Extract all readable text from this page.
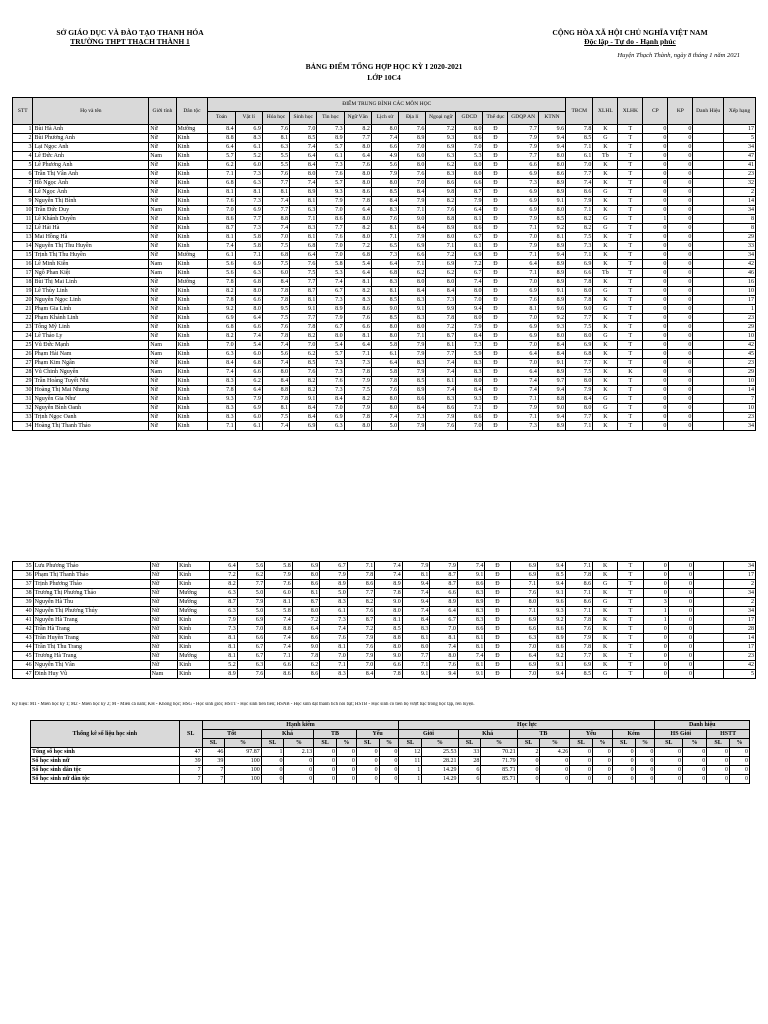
SỞ GIÁO DỤC VÀ ĐÀO TẠO THANH HÓA
TRƯỜNG THPT THẠCH THÀNH 1
CỘNG HÒA XÃ HỘI CHỦ NGHĨA VIỆT NAM
Độc lập - Tự do - Hạnh phúc
Huyện Thạch Thành, ngày 8 tháng 1 năm 2021
BẢNG ĐIỂM TỔNG HỢP HỌC KỲ I 2020-2021
LỚP 10C4
STT	Họ và tên	Giới tính	Dân tộc	ĐIỂM TRUNG BÌNH CÁC MÔN HỌC													TBCM	XLHL	XLHK	CP	KP	Danh Hiệu	Xếp hạng
				Toán	Vật lí	Hóa học	Sinh học	Tin học	Ngữ Văn	Lịch sử	Địa lí	Ngoại ngữ	GDCD	Thể dục	GDQP AN	KTNN							
1	Bùi Hà Anh	Nữ	Mường	8.4	6.9	7.6	7.0	7.3	8.2	8.0	7.6	7.2	8.0	Đ	7.7	9.6	7.8	K	T	0	0		17
2	Bùi Phương Anh	Nữ	Kinh	8.8	8.3	8.1	8.5	8.9	7.7	7.4	8.9	9.3	8.6	Đ	7.9	9.4	8.5	G	T	0	0		5
3	Lại Ngọc Anh	Nữ	Kinh	6.4	6.1	6.3	7.4	5.7	8.0	6.6	7.0	6.9	7.0	Đ	7.9	9.4	7.1	K	T	0	0		34
4	Lê Đức Anh	Nam	Kinh	5.7	5.2	5.5	6.4	6.1	6.4	4.9	6.0	6.3	5.3	Đ	7.7	8.0	6.1	Tb	T	0	0		47
5	Lê Phương Anh	Nữ	Kinh	6.2	6.0	5.5	8.4	7.3	7.6	5.6	8.0	6.2	8.0	Đ	6.6	8.0	7.0	K	T	0	0		41
6	Trần Thị Vân Anh	Nữ	Kinh	7.1	7.3	7.6	8.0	7.6	8.0	7.9	7.6	8.3	8.0	Đ	6.9	8.6	7.7	K	T	0	0		23
7	Hồ Ngọc Ánh	Nữ	Kinh	6.8	6.3	7.7	7.4	5.7	8.0	8.0	7.0	8.6	6.6	Đ	7.3	8.9	7.4	K	T	0	0		32
8	Lê Ngọc Ánh	Nữ	Kinh	8.1	8.1	8.1	8.9	9.3	8.6	8.5	8.4	9.8	8.7	Đ	6.9	8.9	8.6	G	T	0	0		2
9	Nguyễn Thị Bình	Nữ	Kinh	7.6	7.3	7.4	8.1	7.9	7.8	8.4	7.9	8.2	7.9	Đ	6.9	9.1	7.9	K	T	0	0		14
10	Trần Đức Duy	Nam	Kinh	7.0	6.9	7.7	6.3	7.0	6.4	8.3	7.1	7.6	6.4	Đ	6.9	8.0	7.1	K	T	0	0		34
11	Lê Khánh Duyên	Nữ	Kinh	8.6	7.7	8.8	7.1	8.6	8.0	7.6	9.0	8.8	8.1	Đ	7.9	8.5	8.2	G	T	1	0		8
12	Lê Hải Hà	Nữ	Kinh	8.7	7.3	7.4	8.3	7.7	8.2	8.1	8.4	8.9	8.6	Đ	7.1	9.2	8.2	G	T	0	0		8
13	Mai Hồng Hà	Nữ	Kinh	8.1	5.8	7.0	8.1	7.6	8.0	7.1	7.9	8.0	6.7	Đ	7.0	8.1	7.5	K	T	0	0		29
14	Nguyễn Thị Thu Huyền	Nữ	Kinh	7.4	5.8	7.5	6.8	7.0	7.2	6.5	6.9	7.1	8.1	Đ	7.9	8.9	7.3	K	T	0	0		33
15	Trịnh Thị Thu Huyền	Nữ	Mường	6.1	7.1	6.8	6.4	7.0	6.8	7.3	6.6	7.2	6.9	Đ	7.1	9.4	7.1	K	T	0	0		34
16	Lê Minh Kiên	Nam	Kinh	5.6	6.9	7.5	7.6	5.8	5.4	6.4	7.1	6.9	7.2	Đ	6.4	8.9	6.9	K	T	0	0		42
17	Ngô Phan Kiệt	Nam	Kinh	5.6	6.3	6.0	7.5	5.3	6.4	6.8	6.2	6.2	6.7	Đ	7.1	8.9	6.6	Tb	T	0	0		46
18	Bùi Thị Mai Linh	Nữ	Mường	7.8	6.8	8.4	7.7	7.4	8.1	8.3	8.0	8.0	7.4	Đ	7.0	8.9	7.8	K	T	0	0		16
19	Lê Thùy Linh	Nữ	Kinh	8.2	8.0	7.8	8.7	6.7	8.2	8.1	8.4	8.4	8.0	Đ	6.9	9.1	8.0	G	T	0	0		10
20	Nguyễn Ngọc Linh	Nữ	Kinh	7.8	6.6	7.8	8.1	7.3	8.3	8.5	8.3	7.3	7.0	Đ	7.6	8.9	7.8	K	T	0	0		17
21	Phạm Gia Linh	Nữ	Kinh	9.2	8.0	9.5	9.1	8.9	8.6	9.0	9.1	9.9	9.4	Đ	8.1	9.6	9.0	G	T	0	0		1
22	Phạm Khánh Linh	Nữ	Kinh	6.9	6.4	7.5	7.7	7.9	7.6	8.5	8.3	7.8	8.0	Đ	7.0	9.2	7.7	K	T	0	0		23
23	Tống Mỹ Linh	Nữ	Kinh	6.8	6.6	7.6	7.8	6.7	6.6	8.0	8.0	7.2	7.9	Đ	6.9	9.3	7.5	K	T	0	0		29
24	Lê Thảo Ly	Nữ	Kinh	8.2	7.4	7.8	8.2	8.0	8.1	8.0	7.1	8.7	8.4	Đ	6.9	8.0	8.0	G	T	0	0		10
25	Vũ Đức Mạnh	Nam	Kinh	7.0	5.4	7.4	7.0	5.4	6.4	5.8	7.9	8.1	7.3	Đ	7.0	8.4	6.9	K	T	0	0		42
26	Phạm Hải Nam	Nam	Kinh	6.3	6.0	5.6	6.2	5.7	7.1	6.1	7.9	7.7	5.9	Đ	6.4	8.4	6.8	K	T	0	0		45
27	Phạm Kim Ngân	Nữ	Kinh	8.4	6.8	7.4	8.5	7.3	7.3	6.4	8.3	7.4	8.3	Đ	7.0	9.1	7.7	K	T	0	0		23
28	Vũ Chinh Nguyên	Nam	Kinh	7.4	6.6	8.0	7.6	7.3	7.8	5.8	7.9	7.4	8.3	Đ	6.4	8.9	7.5	K	K	0	0		29
29	Trần Hoàng Tuyết Nhi	Nữ	Kinh	8.3	6.2	8.4	8.2	7.6	7.9	7.8	8.5	8.1	8.0	Đ	7.4	9.7	8.0	K	T	0	0		10
30	Hoàng Thị Mai Nhung	Nữ	Kinh	7.8	6.4	8.8	8.2	7.3	7.5	7.6	8.9	7.4	8.4	Đ	7.4	9.4	7.9	K	T	0	0		14
31	Nguyễn Gia Như	Nữ	Kinh	9.3	7.9	7.8	9.1	8.4	8.2	8.0	8.6	8.3	9.3	Đ	7.1	8.8	8.4	G	T	0	0		7
32	Nguyễn Bình Oanh	Nữ	Kinh	8.3	6.9	8.1	8.4	7.0	7.9	8.0	8.4	8.6	7.1	Đ	7.9	9.0	8.0	G	T	0	0		10
33	Trịnh Ngọc Oanh	Nữ	Kinh	8.3	6.0	7.5	8.4	6.9	7.8	7.4	7.3	7.9	8.6	Đ	7.1	9.4	7.7	K	T	0	0		23
34	Hoàng Thị Thanh Thảo	Nữ	Kinh	7.1	6.1	7.4	6.9	6.3	8.0	5.0	7.9	7.6	7.0	Đ	7.3	8.9	7.1	K	T	0	0		34
35	Lưu Phương Thảo	Nữ	Kinh	6.4	5.6	5.8	6.9	6.7	7.1	7.4	7.9	7.9	7.4	Đ	6.9	9.4	7.1	K	T	0	0		34
36	Phạm Thị Thanh Thảo	Nữ	Kinh	7.2	6.2	7.9	8.0	7.9	7.8	7.4	8.1	8.7	9.1	Đ	6.9	8.5	7.8	K	T	0	0		17
37	Trịnh Phương Thảo	Nữ	Kinh	8.2	7.7	7.6	8.6	8.9	8.6	8.9	9.4	8.7	8.6	Đ	7.1	9.4	8.6	G	T	0	0		2
38	Trương Thị Phương Thảo	Nữ	Mường	6.3	5.0	6.0	8.1	5.0	7.7	7.8	7.4	6.6	8.3	Đ	7.6	9.1	7.1	K	T	0	0		34
39	Nguyễn Hà Thu	Nữ	Mường	8.7	7.9	8.1	8.7	8.3	8.2	9.0	9.4	8.9	8.9	Đ	8.0	9.6	8.6	G	T	3	0		2
40	Nguyễn Thị Phương Thúy	Nữ	Mường	6.3	5.0	5.8	8.0	6.1	7.6	8.0	7.4	6.4	8.3	Đ	7.1	9.3	7.1	K	T	1	0		34
41	Nguyễn Hà Trang	Nữ	Kinh	7.9	6.9	7.4	7.2	7.3	8.7	8.1	8.4	6.7	8.3	Đ	6.9	9.2	7.8	K	T	1	0		17
42	Trần Hà Trang	Nữ	Kinh	7.3	7.0	8.8	6.4	7.4	7.2	8.5	8.3	7.0	8.6	Đ	6.6	8.6	7.6	K	T	0	0		28
43	Trần Huyền Trang	Nữ	Kinh	8.1	6.6	7.4	8.6	7.6	7.9	8.8	8.1	8.1	8.1	Đ	6.3	8.9	7.9	K	T	0	0		14
44	Trần Thị Thu Trang	Nữ	Kinh	8.1	6.7	7.4	9.0	8.1	7.6	8.0	8.0	7.4	8.1	Đ	7.0	8.6	7.8	K	T	0	0		17
45	Trương Hà Trang	Nữ	Mường	8.1	6.7	7.1	7.8	7.0	7.9	9.0	7.7	8.0	7.4	Đ	6.4	9.2	7.7	K	T	0	0		23
46	Nguyễn Thị Vân	Nữ	Kinh	5.2	6.3	6.6	6.2	7.1	7.0	6.6	7.1	7.6	8.1	Đ	6.9	9.1	6.9	K	T	0	0		42
47	Đinh Huy Vũ	Nam	Kinh	8.9	7.6	8.6	8.6	8.3	8.4	7.8	9.1	9.4	9.1	Đ	7.0	9.4	8.5	G	T	0	0		5
Ký hiệu: M1 - Miễn học kỳ 1; M2 - Miễn học kỳ 2; M - Miễn cả năm; KH - Không học; HSG - Học sinh giỏi; HSTT - Học sinh tiên tiến; HSNB - Học sinh đạt thành tích nổi bật; HSTB - Học sinh có tiến bộ vượt bậc trong học tập, rèn luyện.
Thống kê số liệu học sinh	SL	Hạnh kiểm								Học lực										Danh hiệu			
		Tốt		Khá		TB		Yếu		Giỏi		Khá		TB		Yếu		Kém		HS Giỏi		HSTT	
		SL	%	SL	%	SL	%	SL	%	SL	%	SL	%	SL	%	SL	%	SL	%	SL	%	SL	%
Tổng số học sinh	47	46	97.87	1	2.13	0	0	0	0	12	25.53	33	70.21	2	4.26	0	0	0	0	0	0	0	0
Số học sinh nữ	39	39	100	0	0	0	0	0	0	11	28.21	28	71.79	0	0	0	0	0	0	0	0	0	0
Số học sinh dân tộc	7	7	100	0	0	0	0	0	0	1	14.29	6	85.71	0	0	0	0	0	0	0	0	0	0
Số học sinh nữ dân tộc	7	7	100	0	0	0	0	0	0	1	14.29	6	85.71	0	0	0	0	0	0	0	0	0	0
